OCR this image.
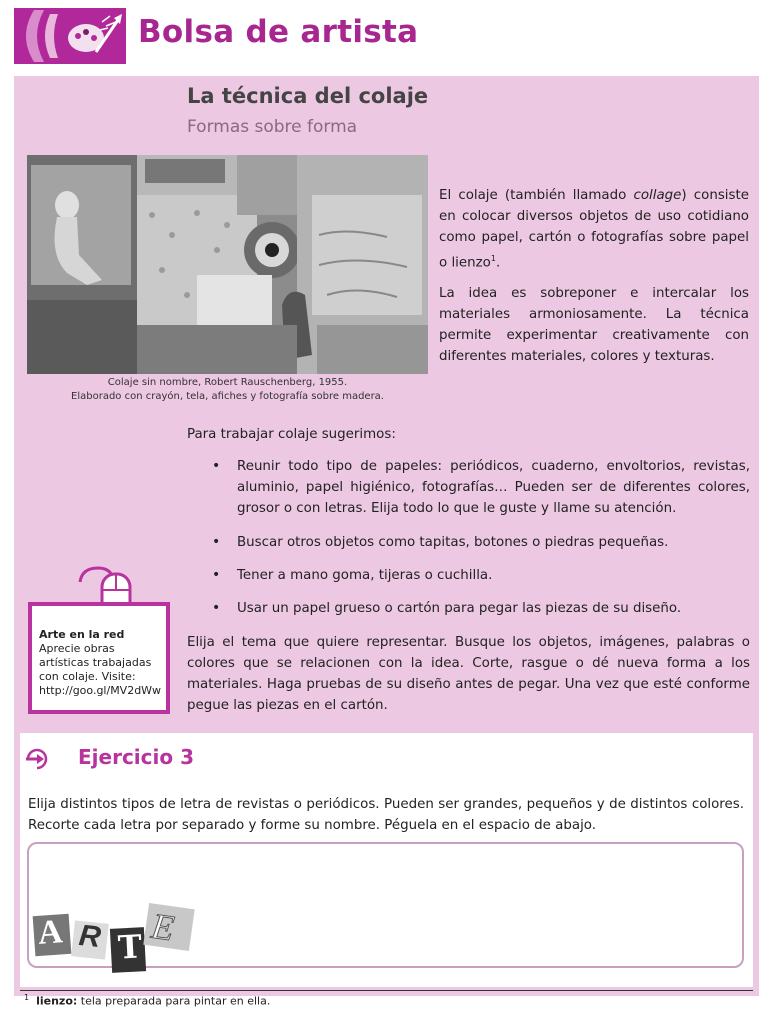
Bolsa de artista
La técnica del colaje
Formas sobre forma
Colaje sin nombre, Robert Rauschenberg, 1955.
Elaborado con crayón, tela, afiches y fotografía sobre madera.
El colaje (también llamado collage) consiste en colocar diversos objetos de uso cotidiano como papel, cartón o fotografías sobre papel o lienzo$^1$.
La idea es sobreponer e intercalar los materiales armoniosamente. La técnica permite experimentar creativamente con diferentes materiales, colores y texturas.
Para trabajar colaje sugerimos:
• Reunir todo tipo de papeles: periódicos, cuaderno, envoltorios, revistas, aluminio, papel higiénico, fotografías… Pueden ser de diferentes colores, grosor o con letras. Elija todo lo que le guste y llame su atención.
• Buscar otros objetos como tapitas, botones o piedras pequeñas.
• Tener a mano goma, tijeras o cuchilla.
• Usar un papel grueso o cartón para pegar las piezas de su diseño.
Elija el tema que quiere representar. Busque los objetos, imágenes, palabras o colores que se relacionen con la idea. Corte, rasgue o dé nueva forma a los materiales. Haga pruebas de su diseño antes de pegar. Una vez que esté conforme pegue las piezas en el cartón.
Arte en la red
Aprecie obras artísticas trabajadas con colaje. Visite: http://goo.gl/MV2dWw
Ejercicio 3
Elija distintos tipos de letra de revistas o periódicos. Pueden ser grandes, pequeños y de distintos colores. Recorte cada letra por separado y forme su nombre. Péguela en el espacio de abajo.
A R T E
$^1$ lienzo: tela preparada para pintar en ella.
